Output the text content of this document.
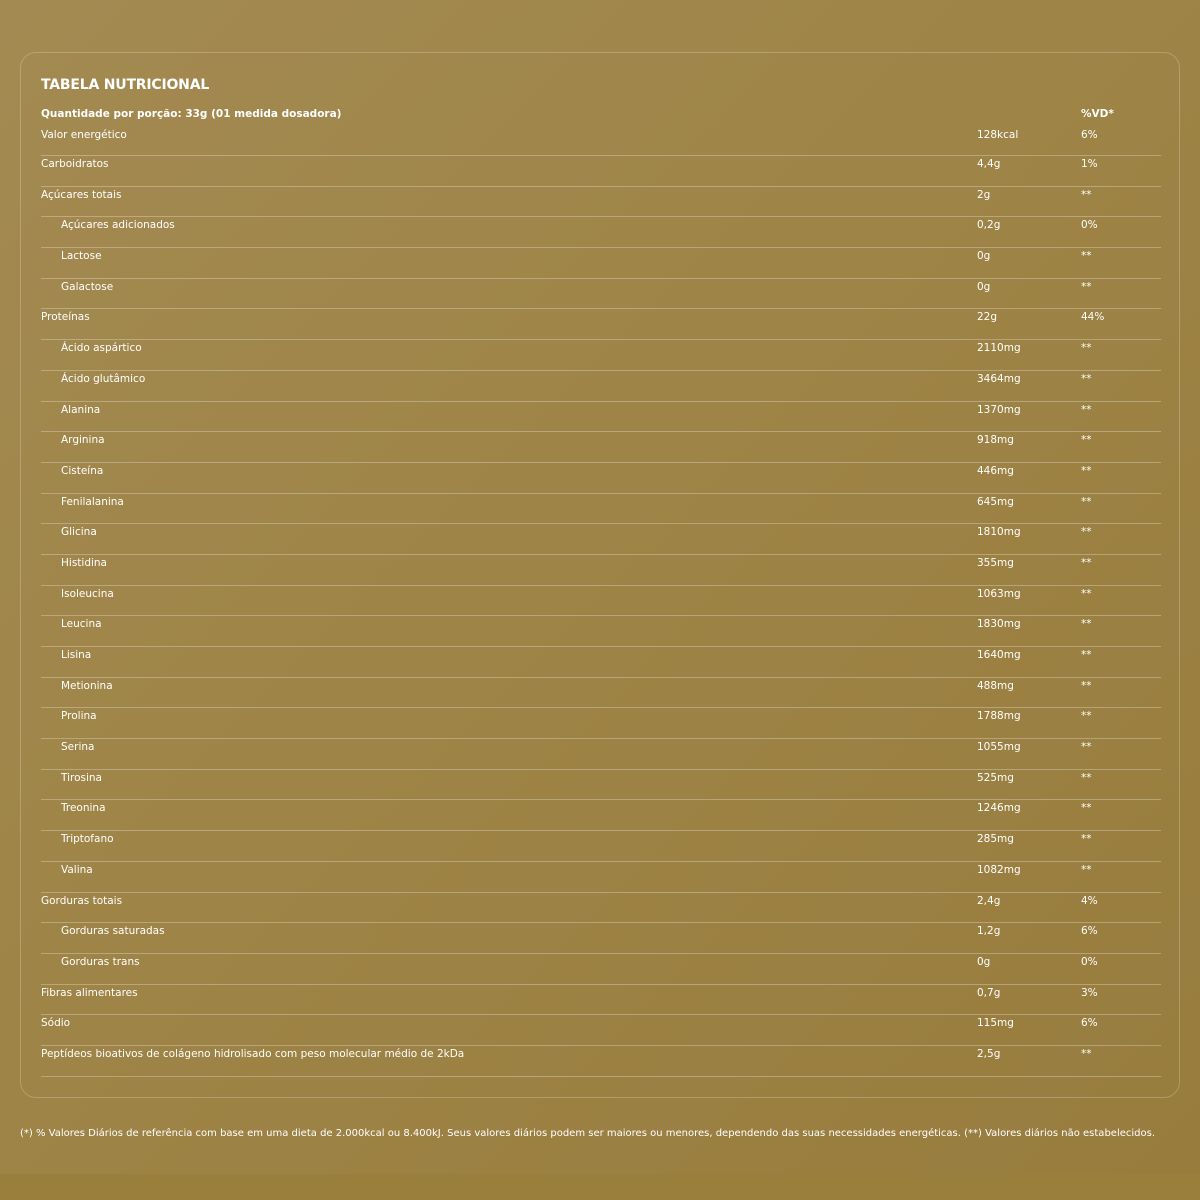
TABELA NUTRICIONAL
Quantidade por porção: 33g (01 medida dosadora)	%VD*
Valor energético	128kcal	6%
Carboidratos	4,4g	1%
Açúcares totais	2g	**
Açúcares adicionados	0,2g	0%
Lactose	0g	**
Galactose	0g	**
Proteínas	22g	44%
Ácido aspártico	2110mg	**
Ácido glutâmico	3464mg	**
Alanina	1370mg	**
Arginina	918mg	**
Cisteína	446mg	**
Fenilalanina	645mg	**
Glicina	1810mg	**
Histidina	355mg	**
Isoleucina	1063mg	**
Leucina	1830mg	**
Lisina	1640mg	**
Metionina	488mg	**
Prolina	1788mg	**
Serina	1055mg	**
Tirosina	525mg	**
Treonina	1246mg	**
Triptofano	285mg	**
Valina	1082mg	**
Gorduras totais	2,4g	4%
Gorduras saturadas	1,2g	6%
Gorduras trans	0g	0%
Fibras alimentares	0,7g	3%
Sódio	115mg	6%
Peptídeos bioativos de colágeno hidrolisado com peso molecular médio de 2kDa	2,5g	**
(*) % Valores Diários de referência com base em uma dieta de 2.000kcal ou 8.400kJ. Seus valores diários podem ser maiores ou menores, dependendo das suas necessidades energéticas. (**) Valores diários não estabelecidos.
